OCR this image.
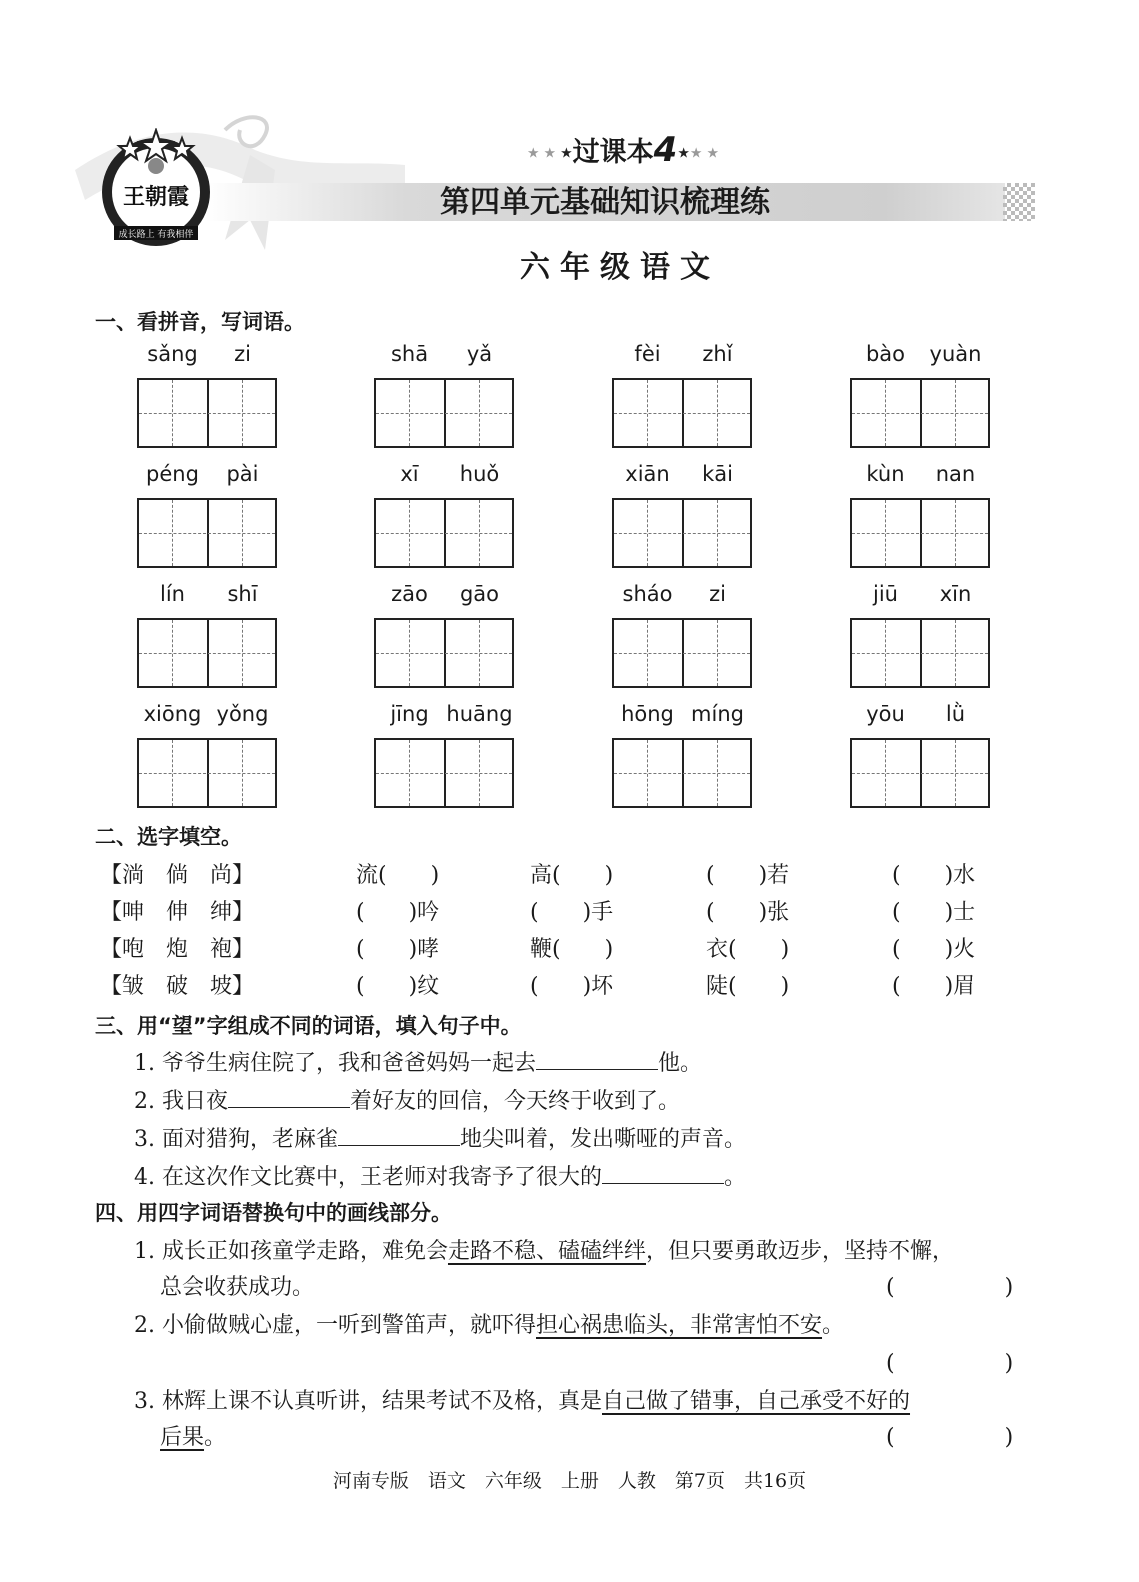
王朝霞
成长路上 有我相伴
★★★过课本4★★★
第四单元基础知识梳理练
六年级语文
一、看拼音，写词语。
sǎng	zi	shā	yǎ	fèi	zhǐ	bào	yuàn
péng	pài	xī	huǒ	xiān	kāi	kùn	nan
lín	shī	zāo	gāo	sháo	zi	jiū	xīn
xiōng yǒng	jīng huāng	hōng míng	yōu	lǜ
二、选字填空。
【淌　倘　尚】	流(　　)	高(　　)	(　　)若	(　　)水
【呻　伸　绅】	(　　)吟	(　　)手	(　　)张	(　　)士
【咆　炮　袍】	(　　)哮	鞭(　　)	衣(　　)	(　　)火
【皱　破　坡】	(　　)纹	(　　)坏	陡(　　)	(　　)眉
三、用“望”字组成不同的词语，填入句子中。
1. 爷爷生病住院了，我和爸爸妈妈一起去	他。
2. 我日夜	着好友的回信，今天终于收到了。
3. 面对猎狗，老麻雀	地尖叫着，发出嘶哑的声音。
4. 在这次作文比赛中，王老师对我寄予了很大的	。
四、用四字词语替换句中的画线部分。
1. 成长正如孩童学走路，难免会走路不稳、磕磕绊绊，但只要勇敢迈步，坚持不懈，
总会收获成功。	(　　　　　)
2. 小偷做贼心虚，一听到警笛声，就吓得担心祸患临头，非常害怕不安。
(　　　　　)
3. 林辉上课不认真听讲，结果考试不及格，真是自己做了错事，自己承受不好的
后果。	(　　　　　)
河南专版　语文　六年级　上册　人教　第7页　共16页
